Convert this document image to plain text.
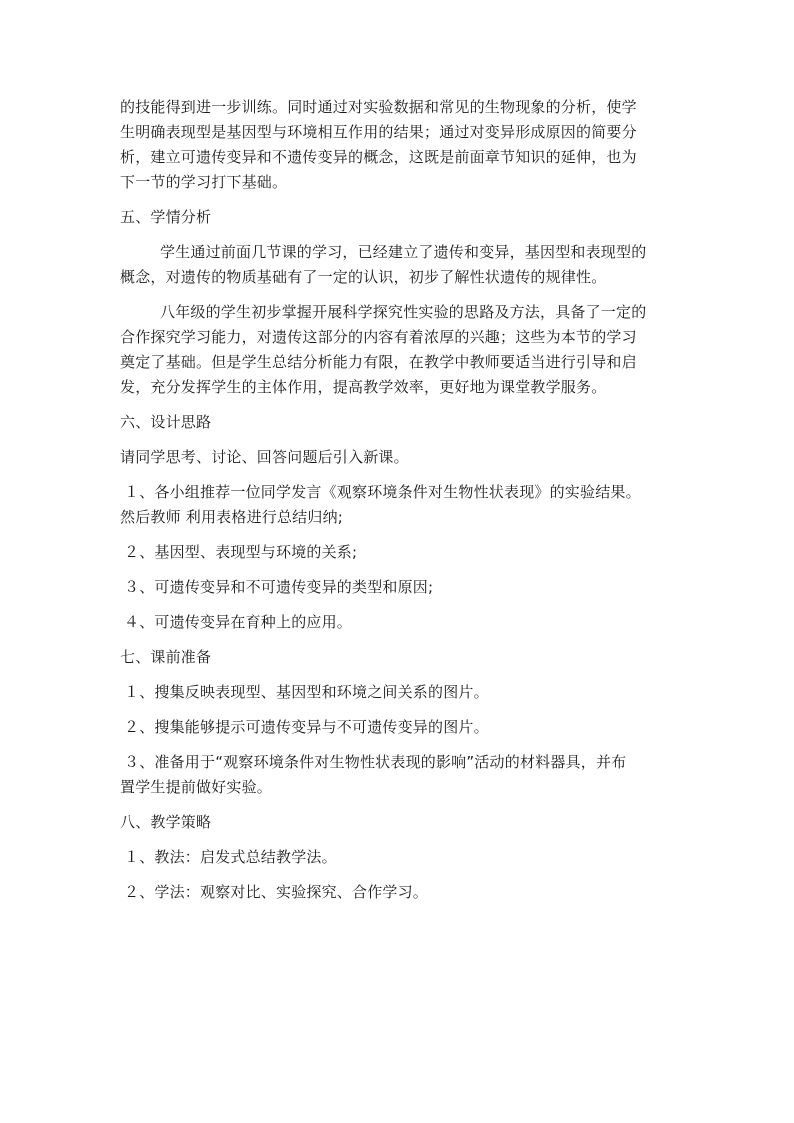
的技能得到进一步训练。同时通过对实验数据和常见的生物现象的分析，使学
生明确表现型是基因型与环境相互作用的结果；通过对变异形成原因的简要分
析，建立可遗传变异和不遗传变异的概念，这既是前面章节知识的延伸，也为
下一节的学习打下基础。
五、学情分析
学生通过前面几节课的学习，已经建立了遗传和变异，基因型和表现型的
概念，对遗传的物质基础有了一定的认识，初步了解性状遗传的规律性。
八年级的学生初步掌握开展科学探究性实验的思路及方法，具备了一定的
合作探究学习能力，对遗传这部分的内容有着浓厚的兴趣；这些为本节的学习
奠定了基础。但是学生总结分析能力有限，在教学中教师要适当进行引导和启
发，充分发挥学生的主体作用，提高教学效率，更好地为课堂教学服务。
六、设计思路
请同学思考、讨论、回答问题后引入新课。
１、各小组推荐一位同学发言《观察环境条件对生物性状表现》的实验结果。
然后教师 利用表格进行总结归纳;
２、基因型、表现型与环境的关系;
３、可遗传变异和不可遗传变异的类型和原因;
４、可遗传变异在育种上的应用。
七、课前准备
１、搜集反映表现型、基因型和环境之间关系的图片。
２、搜集能够提示可遗传变异与不可遗传变异的图片。
３、准备用于“观察环境条件对生物性状表现的影响”活动的材料器具，并布
置学生提前做好实验。
八、教学策略
１、教法：启发式总结教学法。
２、学法：观察对比、实验探究、合作学习。
